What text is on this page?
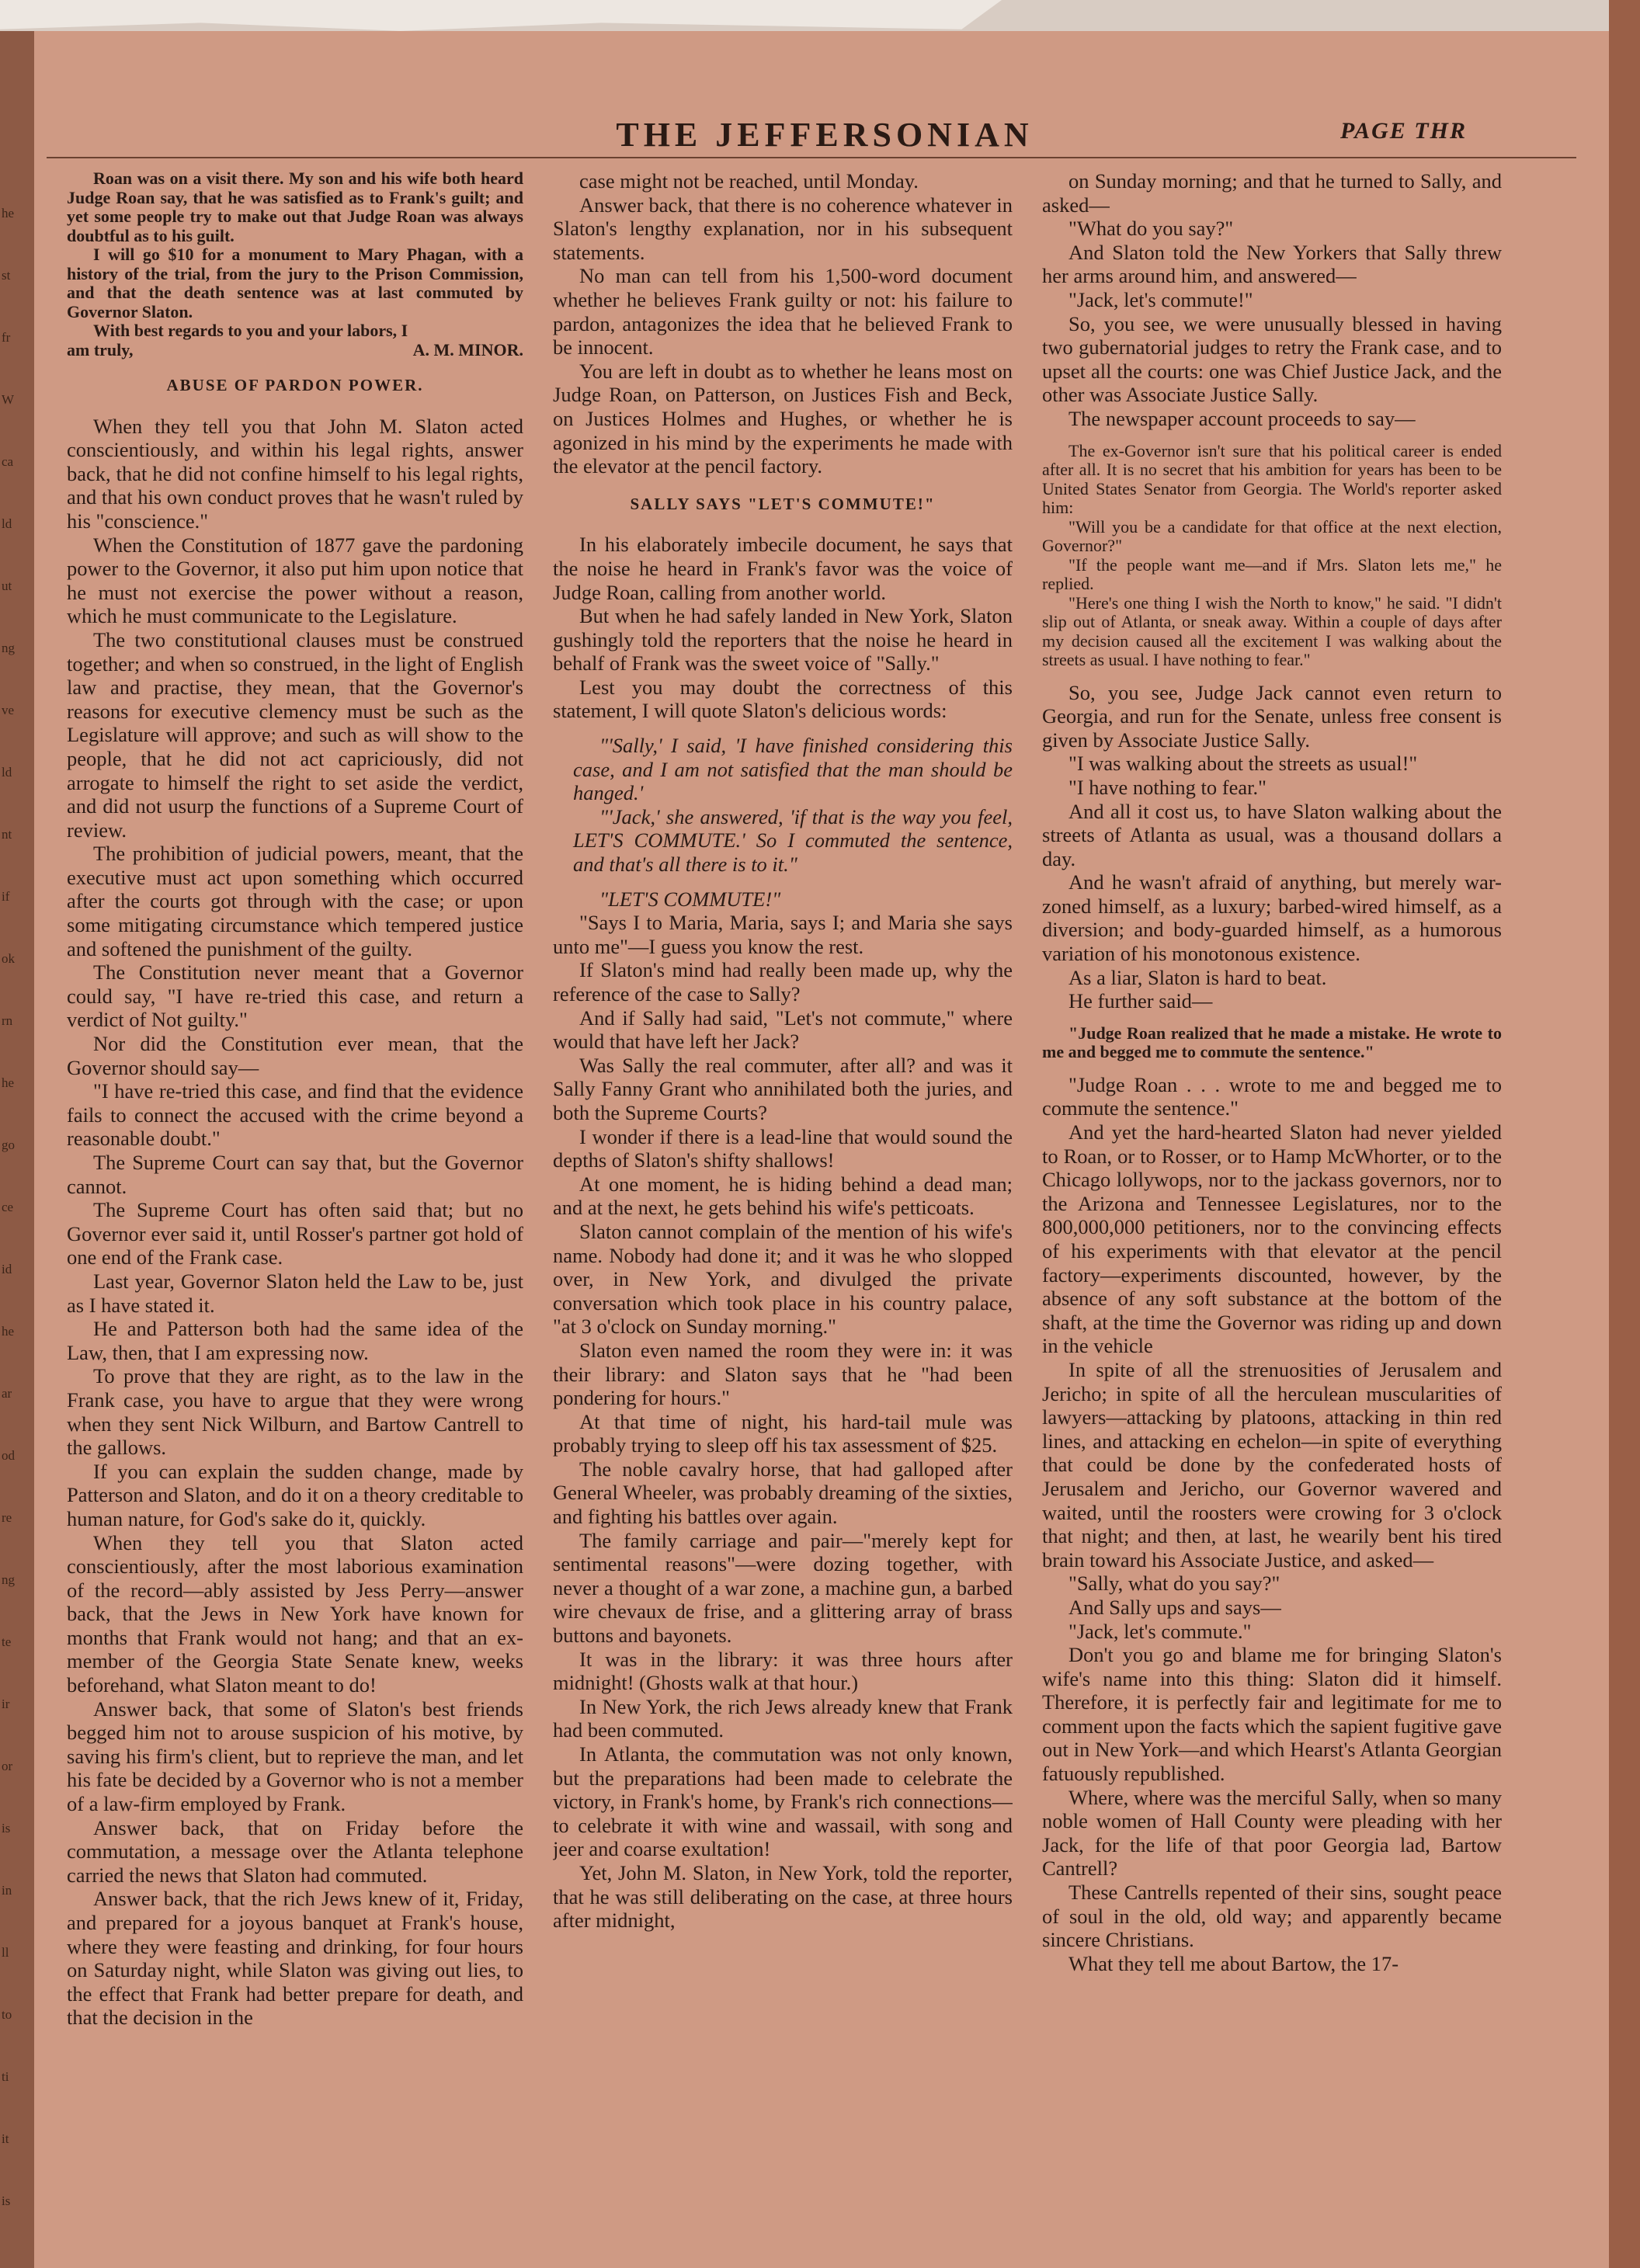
he
st
fr
W
ca
ld
ut
ng
ve
ld
nt
if
ok
rn
he
go
ce
id
he
ar
od
re
ng
te
ir
or
is
in
ll
to
ti
it
is
THE JEFFERSONIAN	PAGE THR

Roan was on a visit there. My son and his wife both heard Judge Roan say, that he was satisfied as to Frank's guilt; and yet some people try to make out that Judge Roan was always doubtful as to his guilt.

I will go $10 for a monument to Mary Phagan, with a history of the trial, from the jury to the Prison Commission, and that the death sentence was at last commuted by Governor Slaton.

With best regards to you and your labors, I

am truly,	A. M. MINOR.

ABUSE OF PARDON POWER.

When they tell you that John M. Slaton acted conscientiously, and within his legal rights, answer back, that he did not confine himself to his legal rights, and that his own conduct proves that he wasn't ruled by his "conscience."

When the Constitution of 1877 gave the pardoning power to the Governor, it also put him upon notice that he must not exercise the power without a reason, which he must communicate to the Legislature.

The two constitutional clauses must be construed together; and when so construed, in the light of English law and practise, they mean, that the Governor's reasons for executive clemency must be such as the Legislature will approve; and such as will show to the people, that he did not act capriciously, did not arrogate to himself the right to set aside the verdict, and did not usurp the functions of a Supreme Court of review.

The prohibition of judicial powers, meant, that the executive must act upon something which occurred after the courts got through with the case; or upon some mitigating circumstance which tempered justice and softened the punishment of the guilty.

The Constitution never meant that a Governor could say, "I have re-tried this case, and return a verdict of Not guilty."

Nor did the Constitution ever mean, that the Governor should say—

"I have re-tried this case, and find that the evidence fails to connect the accused with the crime beyond a reasonable doubt."

The Supreme Court can say that, but the Governor cannot.

The Supreme Court has often said that; but no Governor ever said it, until Rosser's partner got hold of one end of the Frank case.

Last year, Governor Slaton held the Law to be, just as I have stated it.

He and Patterson both had the same idea of the Law, then, that I am expressing now.

To prove that they are right, as to the law in the Frank case, you have to argue that they were wrong when they sent Nick Wilburn, and Bartow Cantrell to the gallows.

If you can explain the sudden change, made by Patterson and Slaton, and do it on a theory creditable to human nature, for God's sake do it, quickly.

When they tell you that Slaton acted conscientiously, after the most laborious examination of the record—ably assisted by Jess Perry—answer back, that the Jews in New York have known for months that Frank would not hang; and that an ex-member of the Georgia State Senate knew, weeks beforehand, what Slaton meant to do!

Answer back, that some of Slaton's best friends begged him not to arouse suspicion of his motive, by saving his firm's client, but to reprieve the man, and let his fate be decided by a Governor who is not a member of a law-firm employed by Frank.

Answer back, that on Friday before the commutation, a message over the Atlanta telephone carried the news that Slaton had commuted.

Answer back, that the rich Jews knew of it, Friday, and prepared for a joyous banquet at Frank's house, where they were feasting and drinking, for four hours on Saturday night, while Slaton was giving out lies, to the effect that Frank had better prepare for death, and that the decision in the

case might not be reached, until Monday.

Answer back, that there is no coherence whatever in Slaton's lengthy explanation, nor in his subsequent statements.

No man can tell from his 1,500-word document whether he believes Frank guilty or not: his failure to pardon, antagonizes the idea that he believed Frank to be innocent.

You are left in doubt as to whether he leans most on Judge Roan, on Patterson, on Justices Fish and Beck, on Justices Holmes and Hughes, or whether he is agonized in his mind by the experiments he made with the elevator at the pencil factory.

SALLY SAYS "LET'S COMMUTE!"

In his elaborately imbecile document, he says that the noise he heard in Frank's favor was the voice of Judge Roan, calling from another world.

But when he had safely landed in New York, Slaton gushingly told the reporters that the noise he heard in behalf of Frank was the sweet voice of "Sally."

Lest you may doubt the correctness of this statement, I will quote Slaton's delicious words:

"'Sally,' I said, 'I have finished considering this case, and I am not satisfied that the man should be hanged.'

"'Jack,' she answered, 'if that is the way you feel, LET'S COMMUTE.' So I commuted the sentence, and that's all there is to it."

"LET'S COMMUTE!"

"Says I to Maria, Maria, says I; and Maria she says unto me"—I guess you know the rest.

If Slaton's mind had really been made up, why the reference of the case to Sally?

And if Sally had said, "Let's not commute," where would that have left her Jack?

Was Sally the real commuter, after all? and was it Sally Fanny Grant who annihilated both the juries, and both the Supreme Courts?

I wonder if there is a lead-line that would sound the depths of Slaton's shifty shallows!

At one moment, he is hiding behind a dead man; and at the next, he gets behind his wife's petticoats.

Slaton cannot complain of the mention of his wife's name. Nobody had done it; and it was he who slopped over, in New York, and divulged the private conversation which took place in his country palace, "at 3 o'clock on Sunday morning."

Slaton even named the room they were in: it was their library: and Slaton says that he "had been pondering for hours."

At that time of night, his hard-tail mule was probably trying to sleep off his tax assessment of $25.

The noble cavalry horse, that had galloped after General Wheeler, was probably dreaming of the sixties, and fighting his battles over again.

The family carriage and pair—"merely kept for sentimental reasons"—were dozing together, with never a thought of a war zone, a machine gun, a barbed wire chevaux de frise, and a glittering array of brass buttons and bayonets.

It was in the library: it was three hours after midnight! (Ghosts walk at that hour.)

In New York, the rich Jews already knew that Frank had been commuted.

In Atlanta, the commutation was not only known, but the preparations had been made to celebrate the victory, in Frank's home, by Frank's rich connections—to celebrate it with wine and wassail, with song and jeer and coarse exultation!

Yet, John M. Slaton, in New York, told the reporter, that he was still deliberating on the case, at three hours after midnight,

on Sunday morning; and that he turned to Sally, and asked—

"What do you say?"

And Slaton told the New Yorkers that Sally threw her arms around him, and answered—

"Jack, let's commute!"

So, you see, we were unusually blessed in having two gubernatorial judges to retry the Frank case, and to upset all the courts: one was Chief Justice Jack, and the other was Associate Justice Sally.

The newspaper account proceeds to say—

The ex-Governor isn't sure that his political career is ended after all. It is no secret that his ambition for years has been to be United States Senator from Georgia. The World's reporter asked him:

"Will you be a candidate for that office at the next election, Governor?"

"If the people want me—and if Mrs. Slaton lets me," he replied.

"Here's one thing I wish the North to know," he said. "I didn't slip out of Atlanta, or sneak away. Within a couple of days after my decision caused all the excitement I was walking about the streets as usual. I have nothing to fear."

So, you see, Judge Jack cannot even return to Georgia, and run for the Senate, unless free consent is given by Associate Justice Sally.

"I was walking about the streets as usual!"

"I have nothing to fear."

And all it cost us, to have Slaton walking about the streets of Atlanta as usual, was a thousand dollars a day.

And he wasn't afraid of anything, but merely war-zoned himself, as a luxury; barbed-wired himself, as a diversion; and body-guarded himself, as a humorous variation of his monotonous existence.

As a liar, Slaton is hard to beat.

He further said—

"Judge Roan realized that he made a mistake. He wrote to me and begged me to commute the sentence."

"Judge Roan . . . wrote to me and begged me to commute the sentence."

And yet the hard-hearted Slaton had never yielded to Roan, or to Rosser, or to Hamp McWhorter, or to the Chicago lollywops, nor to the jackass governors, nor to the Arizona and Tennessee Legislatures, nor to the 800,000,000 petitioners, nor to the convincing effects of his experiments with that elevator at the pencil factory—experiments discounted, however, by the absence of any soft substance at the bottom of the shaft, at the time the Governor was riding up and down in the vehicle

In spite of all the strenuosities of Jerusalem and Jericho; in spite of all the herculean muscularities of lawyers—attacking by platoons, attacking in thin red lines, and attacking en echelon—in spite of everything that could be done by the confederated hosts of Jerusalem and Jericho, our Governor wavered and waited, until the roosters were crowing for 3 o'clock that night; and then, at last, he wearily bent his tired brain toward his Associate Justice, and asked—

"Sally, what do you say?"

And Sally ups and says—

"Jack, let's commute."

Don't you go and blame me for bringing Slaton's wife's name into this thing: Slaton did it himself. Therefore, it is perfectly fair and legitimate for me to comment upon the facts which the sapient fugitive gave out in New York—and which Hearst's Atlanta Georgian fatuously republished.

Where, where was the merciful Sally, when so many noble women of Hall County were pleading with her Jack, for the life of that poor Georgia lad, Bartow Cantrell?

These Cantrells repented of their sins, sought peace of soul in the old, old way; and apparently became sincere Christians.

What they tell me about Bartow, the 17-
